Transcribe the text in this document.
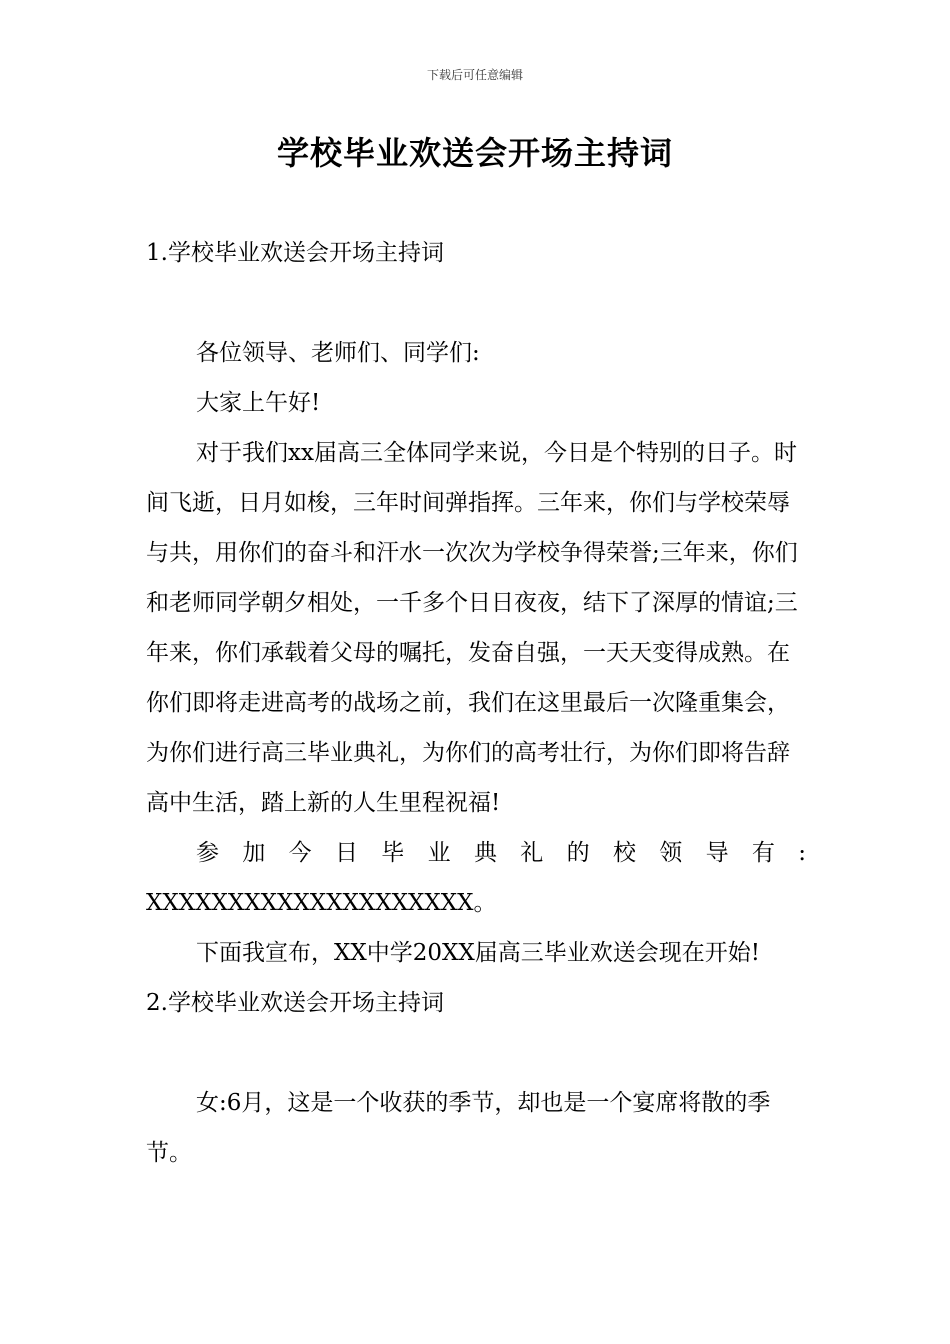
下载后可任意编辑
学校毕业欢送会开场主持词

1.学校毕业欢送会开场主持词

各位领导、老师们、同学们:

大家上午好!

对于我们xx届高三全体同学来说，今日是个特别的日子。时间飞逝，日月如梭，三年时间弹指挥。三年来，你们与学校荣辱与共，用你们的奋斗和汗水一次次为学校争得荣誉;三年来，你们和老师同学朝夕相处，一千多个日日夜夜，结下了深厚的情谊;三年来，你们承载着父母的嘱托，发奋自强，一天天变得成熟。在你们即将走进高考的战场之前，我们在这里最后一次隆重集会，为你们进行高三毕业典礼，为你们的高考壮行，为你们即将告辞高中生活，踏上新的人生里程祝福!

参加今日毕业典礼的校领导有:

XXXXXXXXXXXXXXXXXXXX。

下面我宣布，XX中学20XX届高三毕业欢送会现在开始!

2.学校毕业欢送会开场主持词

女:6月，这是一个收获的季节，却也是一个宴席将散的季节。
